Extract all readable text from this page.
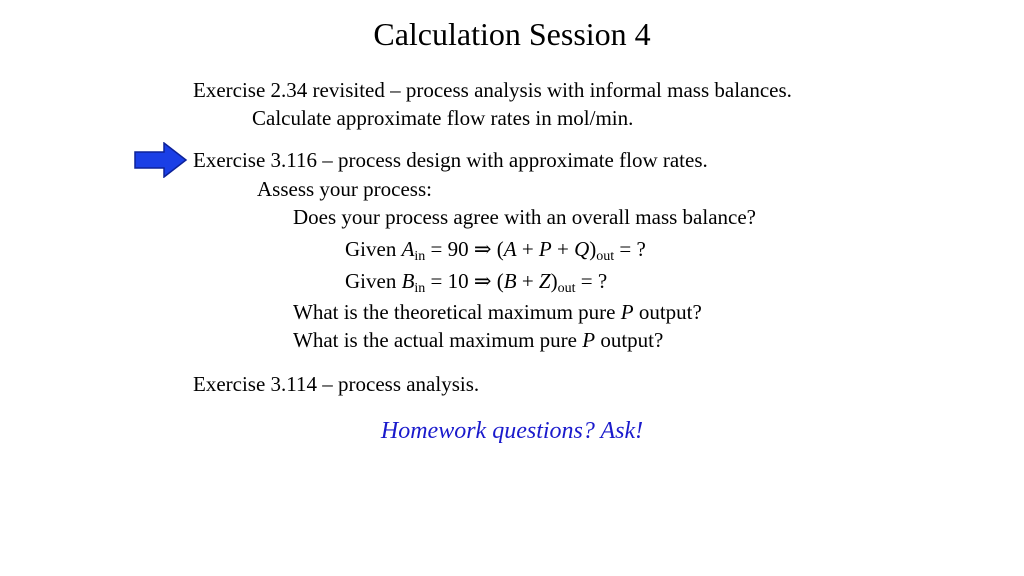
Calculation Session 4
Exercise 2.34 revisited – process analysis with informal mass balances.
Calculate approximate flow rates in mol/min.
Exercise 3.116 – process design with approximate flow rates.
Assess your process:
Does your process agree with an overall mass balance?
Given $A_{in} = 90$ ⇒ $(A + P + Q)_{out}$ = ?
Given $B_{in} = 10$ ⇒ $(B + Z)_{out}$ = ?
What is the theoretical maximum pure P output?
What is the actual maximum pure P output?
Exercise 3.114 – process analysis.
Homework questions? Ask!
